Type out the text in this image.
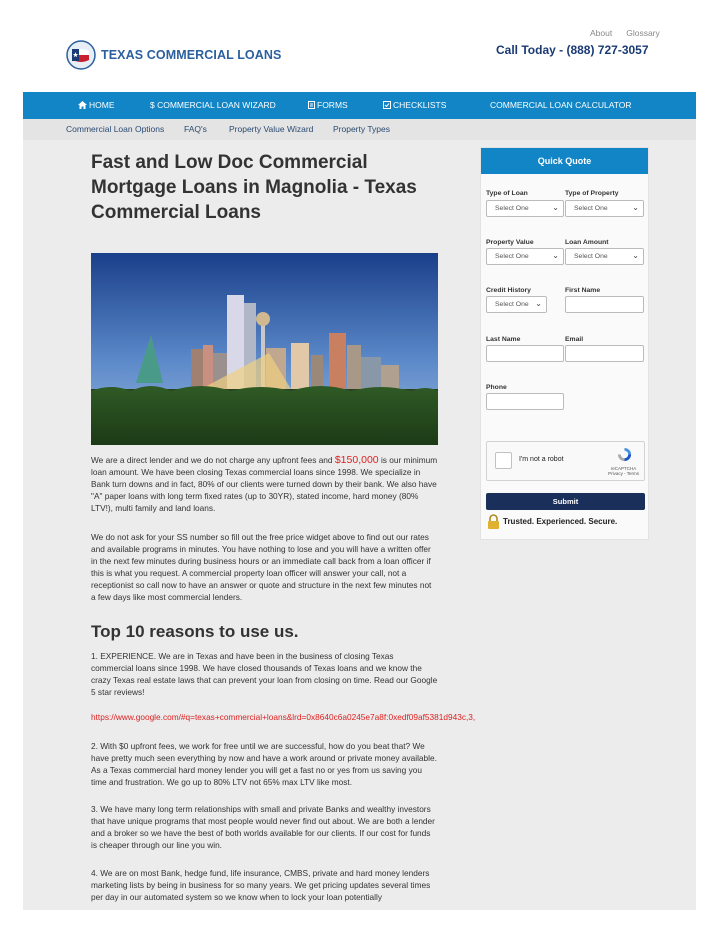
About Glossary
TEXAS COMMERCIAL LOANS	Call Today - (888) 727-3057
HOME	$ COMMERCIAL LOAN WIZARD	FORMS	CHECKLISTS	COMMERCIAL LOAN CALCULATOR
Commercial Loan Options FAQ's	Property Value Wizard Property Types
Fast and Low Doc Commercial Mortgage Loans in Magnolia - Texas Commercial Loans

We are a direct lender and we do not charge any upfront fees and $150,000 is our minimum loan amount. We have been closing Texas commercial loans since 1998. We specialize in Bank turn downs and in fact, 80% of our clients were turned down by their bank. We also have "A" paper loans with long term fixed rates (up to 30YR), stated income, hard money (80% LTV!), multi family and land loans.

We do not ask for your SS number so fill out the free price widget above to find out our rates and available programs in minutes. You have nothing to lose and you will have a written offer in the next few minutes during business hours or an immediate call back from a loan officer if this is what you request. A commercial property loan officer will answer your call, not a receptionist so call now to have an answer or quote and structure in the next few minutes not a few days like most commercial lenders.

Top 10 reasons to use us.

1. EXPERIENCE. We are in Texas and have been in the business of closing Texas commercial loans since 1998. We have closed thousands of Texas loans and we know the crazy Texas real estate laws that can prevent your loan from closing on time. Read our Google 5 star reviews!

https://www.google.com/#q=texas+commercial+loans&lrd=0x8640c6a0245e7a8f:0xedf09af5381d943c,3,

2. With $0 upfront fees, we work for free until we are successful, how do you beat that? We have pretty much seen everything by now and have a work around or private money available. As a Texas commercial hard money lender you will get a fast no or yes from us saving you time and frustration. We go up to 80% LTV not 65% max LTV like most.

3. We have many long term relationships with small and private Banks and wealthy investors that have unique programs that most people would never find out about. We are both a lender and a broker so we have the best of both worlds available for our clients. If our cost for funds is cheaper through our line you win.

4. We are on most Bank, hedge fund, life insurance, CMBS, private and hard money lenders marketing lists by being in business for so many years. We get pricing updates several times per day in our automated system so we know when to lock your loan potentially

Quick Quote
Type of Loan	Type of Property
Select One	⌄	Select One	⌄
Property Value	Loan Amount
Select One	⌄	Select One	⌄
Credit History	First Name
Select One ⌄
Last Name	Email
Phone
I'm not a robot
reCAPTCHA
Privacy - Terms
Submit
Trusted. Experienced. Secure.
